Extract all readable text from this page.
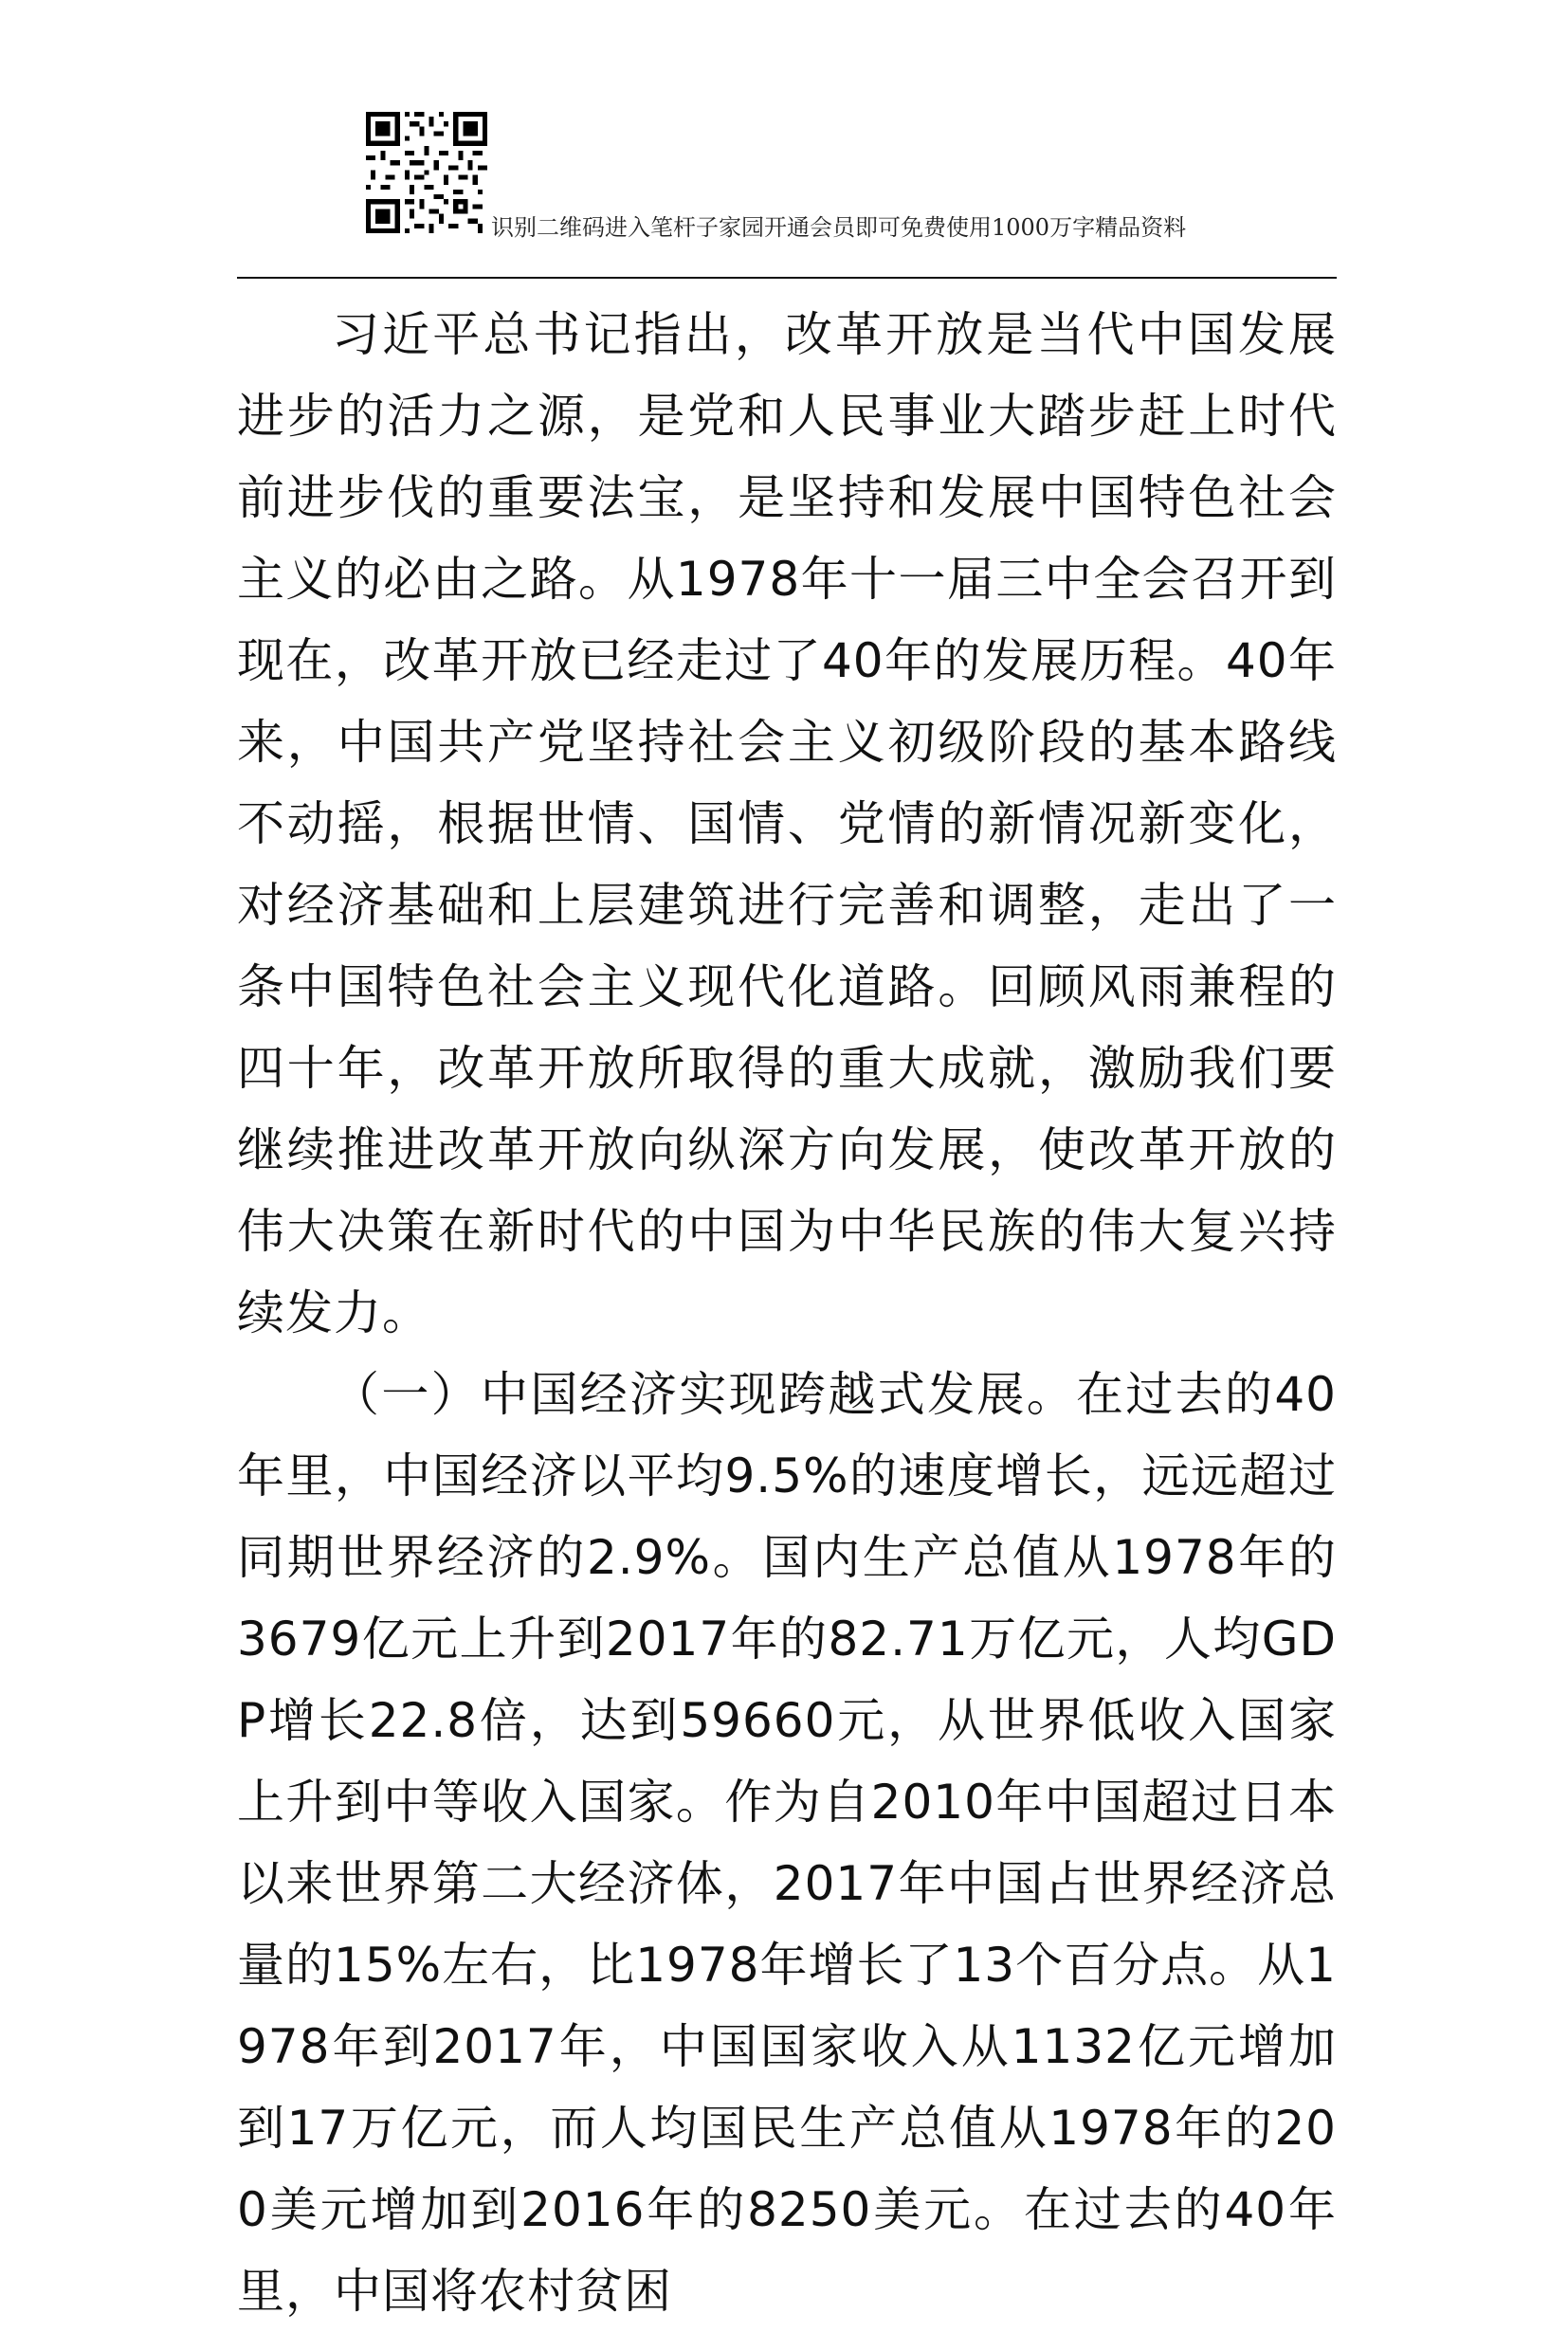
识别二维码进入笔杆子家园开通会员即可免费使用1000万字精品资料

习近平总书记指出，改革开放是当代中国发展进步的活力之源，是党和人民事业大踏步赶上时代前进步伐的重要法宝，是坚持和发展中国特色社会主义的必由之路。从1978年十一届三中全会召开到现在，改革开放已经走过了40年的发展历程。40年来，中国共产党坚持社会主义初级阶段的基本路线不动摇，根据世情、国情、党情的新情况新变化，对经济基础和上层建筑进行完善和调整，走出了一条中国特色社会主义现代化道路。回顾风雨兼程的四十年，改革开放所取得的重大成就，激励我们要继续推进改革开放向纵深方向发展，使改革开放的伟大决策在新时代的中国为中华民族的伟大复兴持续发力。

（一）中国经济实现跨越式发展。在过去的40年里，中国经济以平均9.5%的速度增长，远远超过同期世界经济的2.9%。国内生产总值从1978年的3679亿元上升到2017年的82.71万亿元，人均GDP增长22.8倍，达到59660元，从世界低收入国家上升到中等收入国家。作为自2010年中国超过日本以来世界第二大经济体，2017年中国占世界经济总量的15%左右，比1978年增长了13个百分点。从1978年到2017年，中国国家收入从1132亿元增加到17万亿元，而人均国民生产总值从1978年的200美元增加到2016年的8250美元。在过去的40年里，中国将农村贫困
